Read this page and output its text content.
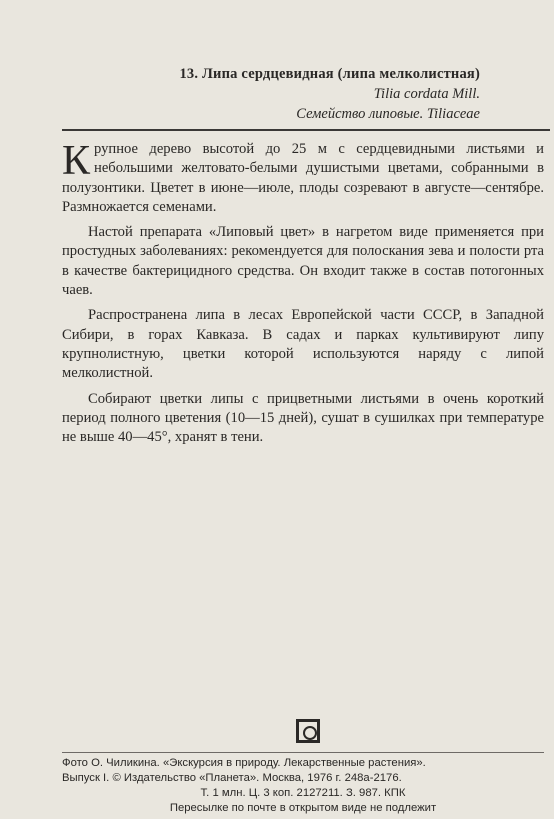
13. Липа сердцевидная (липа мелколистная)
Tilia cordata Mill.
Семейство липовые. Tiliaceae

Крупное дерево высотой до 25 м с сердцевидными листьями и небольшими желтовато-белыми душистыми цветами, собранными в полузонтики. Цветет в июне—июле, плоды созревают в августе—сентябре. Размножается семенами.

Настой препарата «Липовый цвет» в нагретом виде применяется при простудных заболеваниях: рекомендуется для полоскания зева и полости рта в качестве бактерицидного средства. Он входит также в состав потогонных чаев.

Распространена липа в лесах Европейской части СССР, в Западной Сибири, в горах Кавказа. В садах и парках культивируют липу крупнолистную, цветки которой используются наряду с липой мелколистной.

Собирают цветки липы с прицветными листьями в очень короткий период полного цветения (10—15 дней), сушат в сушилках при температуре не выше 40—45°, хранят в тени.

Фото О. Чиликина. «Экскурсия в природу. Лекарственные растения».
Выпуск I. © Издательство «Планета». Москва, 1976 г. 248а-2176.
Т. 1 млн. Ц. 3 коп. 2127211. З. 987. КПК
Пересылке по почте в открытом виде не подлежит
